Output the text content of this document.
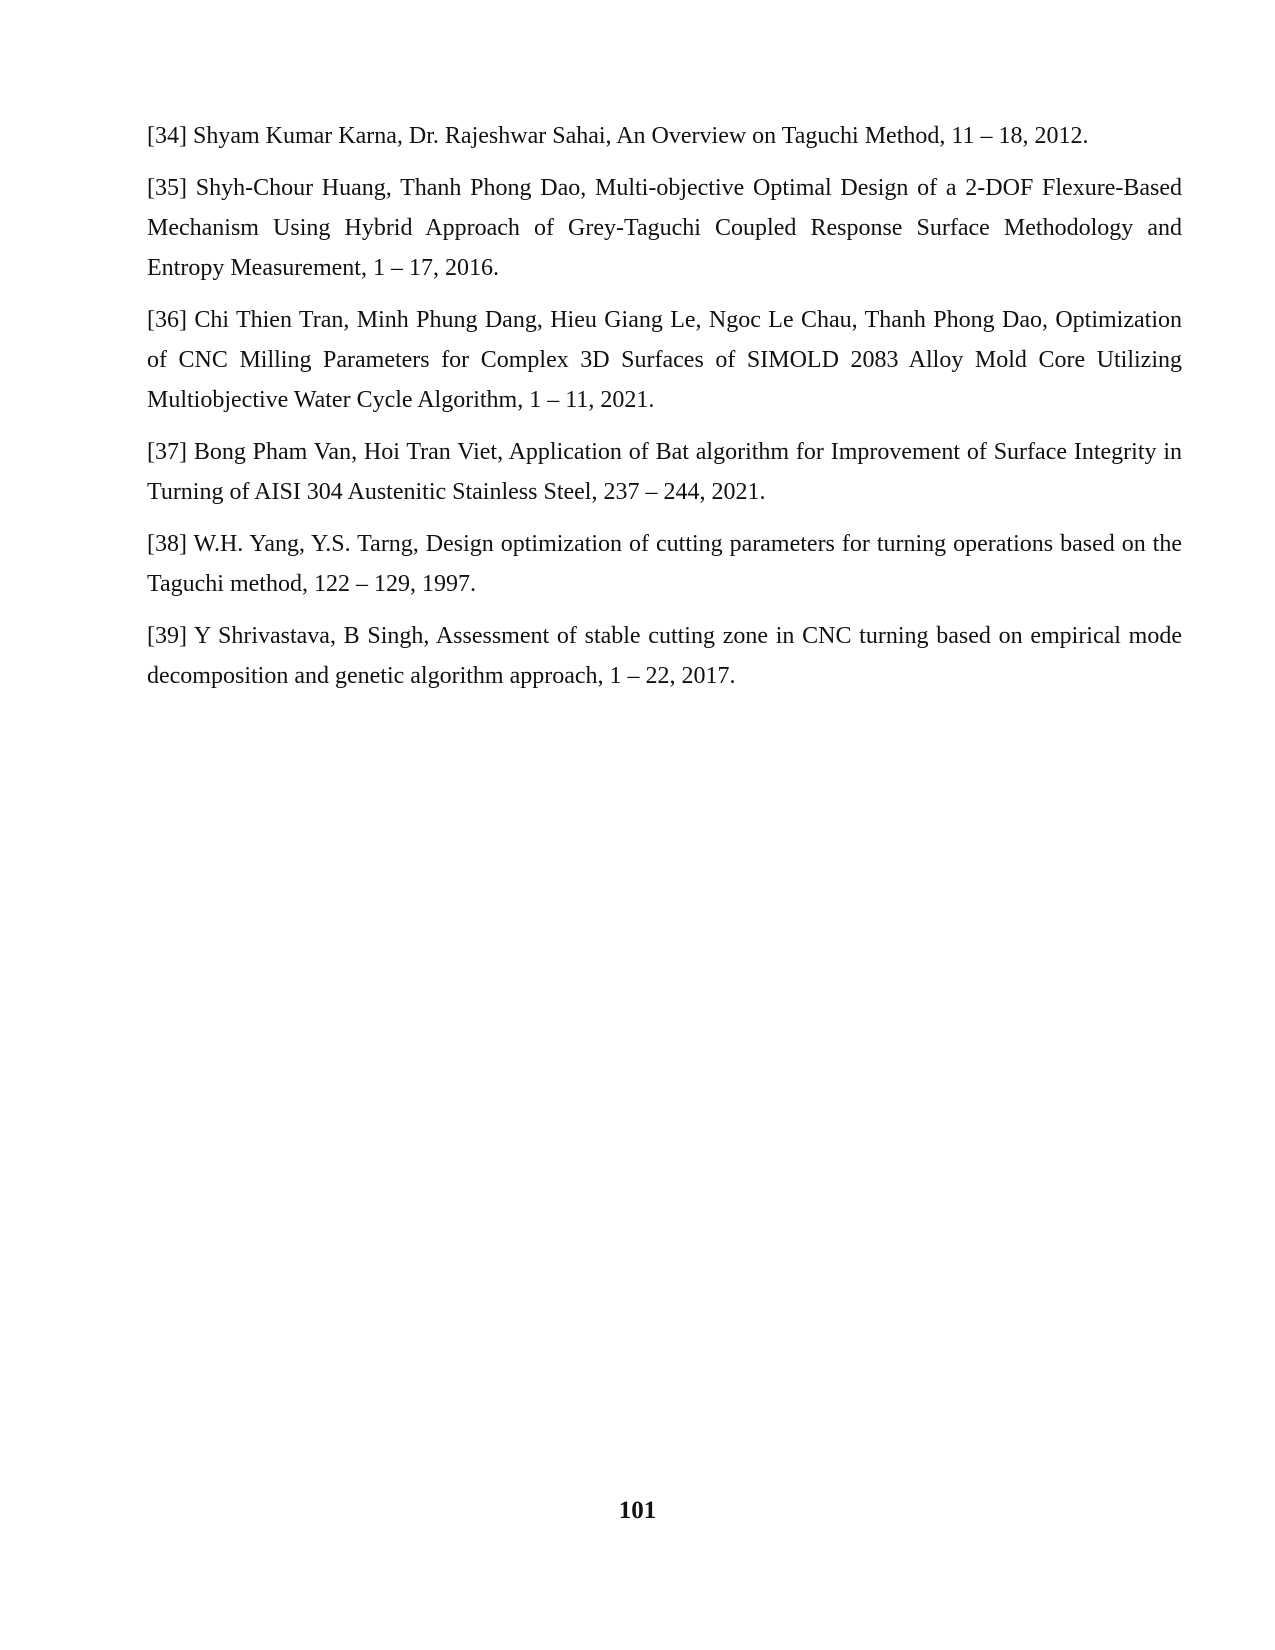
[34] Shyam Kumar Karna, Dr. Rajeshwar Sahai, An Overview on Taguchi Method, 11 – 18, 2012.

[35] Shyh-Chour Huang, Thanh Phong Dao, Multi-objective Optimal Design of a 2-DOF Flexure-Based Mechanism Using Hybrid Approach of Grey-Taguchi Coupled Response Surface Methodology and Entropy Measurement, 1 – 17, 2016.

[36] Chi Thien Tran, Minh Phung Dang, Hieu Giang Le, Ngoc Le Chau, Thanh Phong Dao, Optimization of CNC Milling Parameters for Complex 3D Surfaces of SIMOLD 2083 Alloy Mold Core Utilizing Multiobjective Water Cycle Algorithm, 1 – 11, 2021.

[37] Bong Pham Van, Hoi Tran Viet, Application of Bat algorithm for Improvement of Surface Integrity in Turning of AISI 304 Austenitic Stainless Steel, 237 – 244, 2021.

[38] W.H. Yang, Y.S. Tarng, Design optimization of cutting parameters for turning operations based on the Taguchi method, 122 – 129, 1997.

[39] Y Shrivastava, B Singh, Assessment of stable cutting zone in CNC turning based on empirical mode decomposition and genetic algorithm approach, 1 – 22, 2017.

101
